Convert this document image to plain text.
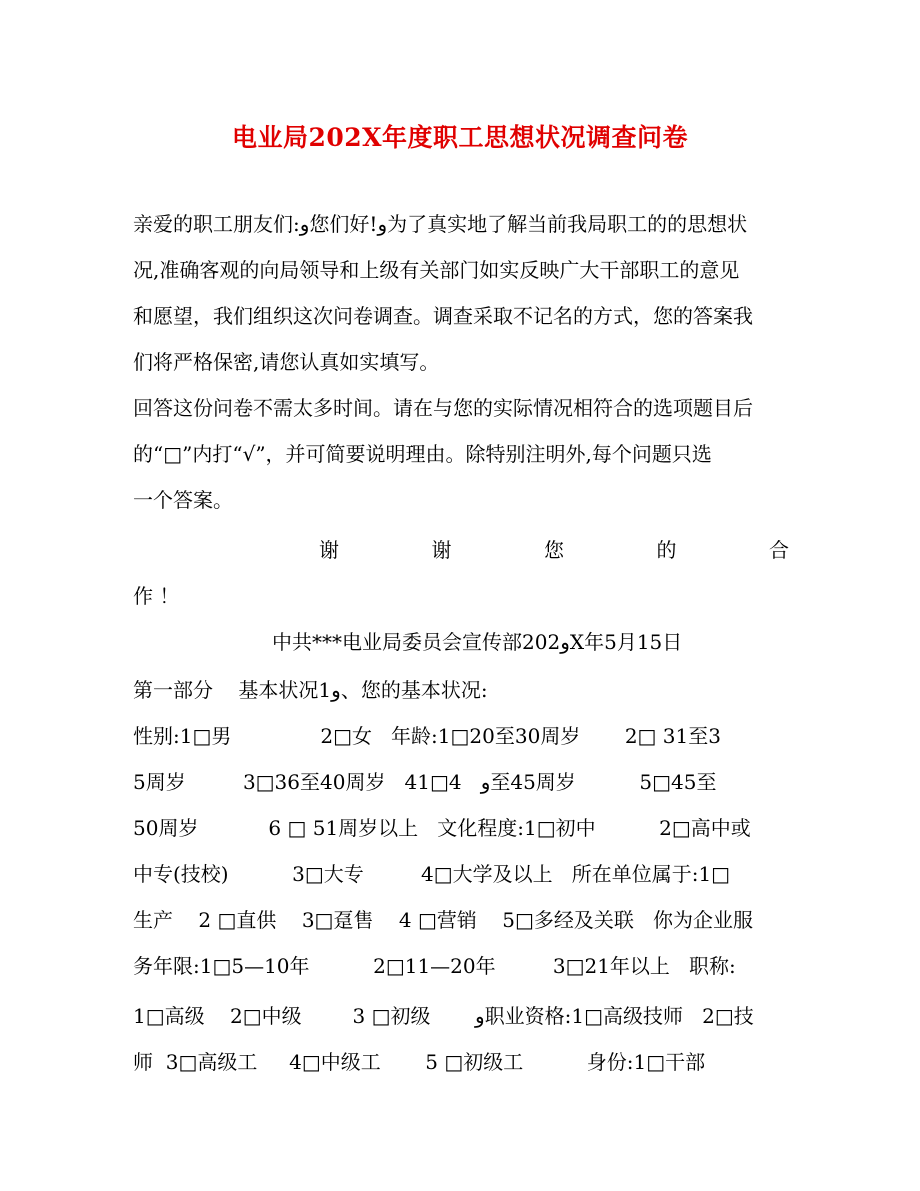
电业局202X年度职工思想状况调查问卷
亲爱的职工朋友们:و您们好!و为了真实地了解当前我局职工的的思想状
况,准确客观的向局领导和上级有关部门如实反映广大干部职工的意见
和愿望，我们组织这次问卷调查。调查采取不记名的方式，您的答案我
们将严格保密,请您认真如实填写。
回答这份问卷不需太多时间。请在与您的实际情况相符合的选项题目后
的“□”内打“√”，并可简要说明理由。除特别注明外,每个问题只选
一个答案。
谢	谢	您	的	合
作 ！
中共***电业局委员会宣传部202وX年5月15日
第一部分    基本状况1و、您的基本状况:
性别:1□男              2□女   年龄:1□20至30周岁       2□ 31至3
5周岁         3□36至40周岁   41□4   و至45周岁          5□45至
50周岁           6 □ 51周岁以上   文化程度:1□初中          2□高中或
中专(技校)          3□大专         4□大学及以上   所在单位属于:1□
生产    2 □直供    3□趸售    4 □营销    5□多经及关联   你为企业服
务年限:1□5—10年          2□11—20年         3□21年以上   职称:
1□高级    2□中级        3 □初级       و职业资格:1□高级技师   2□技
师  3□高级工     4□中级工       5 □初级工          身份:1□干部
